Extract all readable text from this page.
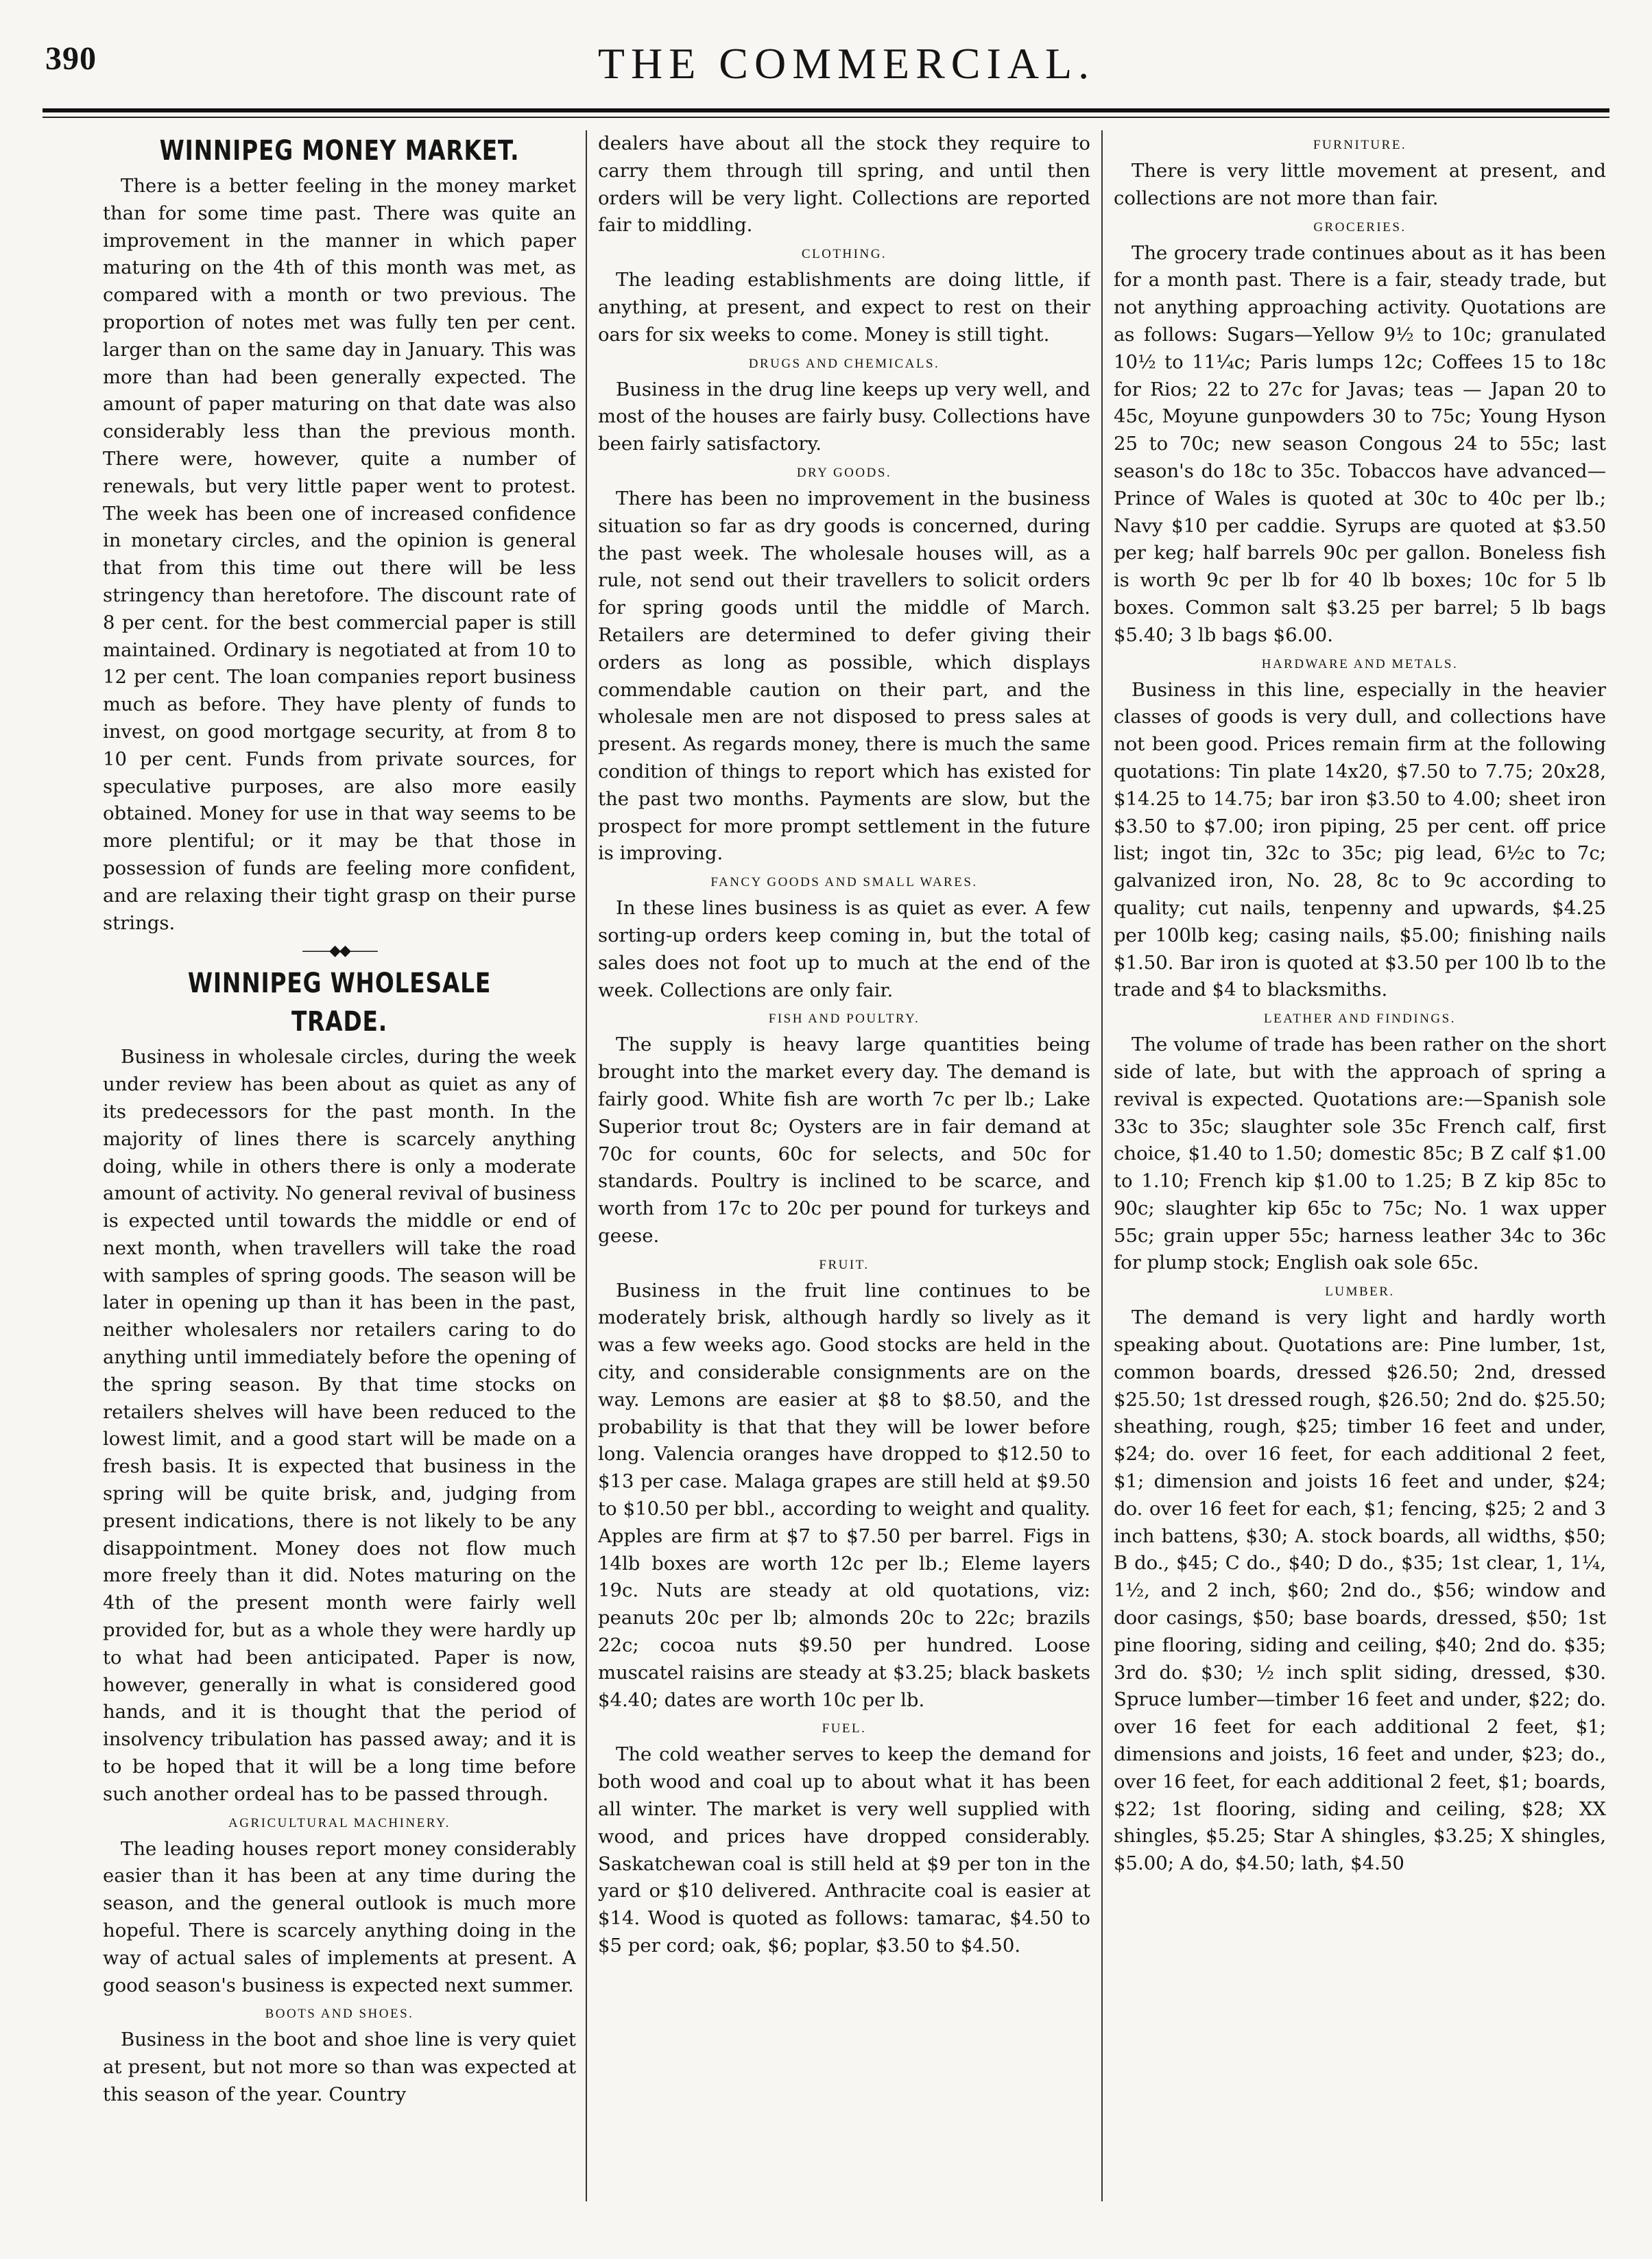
390	THE COMMERCIAL.
WINNIPEG MONEY MARKET.

There is a better feeling in the money market than for some time past. There was quite an improvement in the manner in which paper maturing on the 4th of this month was met, as compared with a month or two previous. The proportion of notes met was fully ten per cent. larger than on the same day in January. This was more than had been generally expected. The amount of paper maturing on that date was also considerably less than the previous month. There were, however, quite a number of renewals, but very little paper went to protest. The week has been one of increased confidence in monetary circles, and the opinion is general that from this time out there will be less stringency than heretofore. The discount rate of 8 per cent. for the best commercial paper is still maintained. Ordinary is negotiated at from 10 to 12 per cent. The loan companies report business much as before. They have plenty of funds to invest, on good mortgage security, at from 8 to 10 per cent. Funds from private sources, for speculative purposes, are also more easily obtained. Money for use in that way seems to be more plentiful; or it may be that those in possession of funds are feeling more confident, and are relaxing their tight grasp on their purse strings.

——◆◆——
WINNIPEG WHOLESALE TRADE.

Business in wholesale circles, during the week under review has been about as quiet as any of its predecessors for the past month. In the majority of lines there is scarcely anything doing, while in others there is only a moderate amount of activity. No general revival of business is expected until towards the middle or end of next month, when travellers will take the road with samples of spring goods. The season will be later in opening up than it has been in the past, neither wholesalers nor retailers caring to do anything until immediately before the opening of the spring season. By that time stocks on retailers shelves will have been reduced to the lowest limit, and a good start will be made on a fresh basis. It is expected that business in the spring will be quite brisk, and, judging from present indications, there is not likely to be any disappointment. Money does not flow much more freely than it did. Notes maturing on the 4th of the present month were fairly well provided for, but as a whole they were hardly up to what had been anticipated. Paper is now, however, generally in what is considered good hands, and it is thought that the period of insolvency tribulation has passed away; and it is to be hoped that it will be a long time before such another ordeal has to be passed through.

AGRICULTURAL MACHINERY.

The leading houses report money considerably easier than it has been at any time during the season, and the general outlook is much more hopeful. There is scarcely anything doing in the way of actual sales of implements at present. A good season's business is expected next summer.

BOOTS AND SHOES.

Business in the boot and shoe line is very quiet at present, but not more so than was expected at this season of the year. Country

dealers have about all the stock they require to carry them through till spring, and until then orders will be very light. Collections are reported fair to middling.

CLOTHING.

The leading establishments are doing little, if anything, at present, and expect to rest on their oars for six weeks to come. Money is still tight.

DRUGS AND CHEMICALS.

Business in the drug line keeps up very well, and most of the houses are fairly busy. Collections have been fairly satisfactory.

DRY GOODS.

There has been no improvement in the business situation so far as dry goods is concerned, during the past week. The wholesale houses will, as a rule, not send out their travellers to solicit orders for spring goods until the middle of March. Retailers are determined to defer giving their orders as long as possible, which displays commendable caution on their part, and the wholesale men are not disposed to press sales at present. As regards money, there is much the same condition of things to report which has existed for the past two months. Payments are slow, but the prospect for more prompt settlement in the future is improving.

FANCY GOODS AND SMALL WARES.

In these lines business is as quiet as ever. A few sorting-up orders keep coming in, but the total of sales does not foot up to much at the end of the week. Collections are only fair.

FISH AND POULTRY.

The supply is heavy large quantities being brought into the market every day. The demand is fairly good. White fish are worth 7c per lb.; Lake Superior trout 8c; Oysters are in fair demand at 70c for counts, 60c for selects, and 50c for standards. Poultry is inclined to be scarce, and worth from 17c to 20c per pound for turkeys and geese.

FRUIT.

Business in the fruit line continues to be moderately brisk, although hardly so lively as it was a few weeks ago. Good stocks are held in the city, and considerable consignments are on the way. Lemons are easier at $8 to $8.50, and the probability is that that they will be lower before long. Valencia oranges have dropped to $12.50 to $13 per case. Malaga grapes are still held at $9.50 to $10.50 per bbl., according to weight and quality. Apples are firm at $7 to $7.50 per barrel. Figs in 14lb boxes are worth 12c per lb.; Eleme layers 19c. Nuts are steady at old quotations, viz: peanuts 20c per lb; almonds 20c to 22c; brazils 22c; cocoa nuts $9.50 per hundred. Loose muscatel raisins are steady at $3.25; black baskets $4.40; dates are worth 10c per lb.

FUEL.

The cold weather serves to keep the demand for both wood and coal up to about what it has been all winter. The market is very well supplied with wood, and prices have dropped considerably. Saskatchewan coal is still held at $9 per ton in the yard or $10 delivered. Anthracite coal is easier at $14. Wood is quoted as follows: tamarac, $4.50 to $5 per cord; oak, $6; poplar, $3.50 to $4.50.

FURNITURE.

There is very little movement at present, and collections are not more than fair.

GROCERIES.

The grocery trade continues about as it has been for a month past. There is a fair, steady trade, but not anything approaching activity. Quotations are as follows: Sugars—Yellow 9½ to 10c; granulated 10½ to 11¼c; Paris lumps 12c; Coffees 15 to 18c for Rios; 22 to 27c for Javas; teas — Japan 20 to 45c, Moyune gunpowders 30 to 75c; Young Hyson 25 to 70c; new season Congous 24 to 55c; last season's do 18c to 35c. Tobaccos have advanced—Prince of Wales is quoted at 30c to 40c per lb.; Navy $10 per caddie. Syrups are quoted at $3.50 per keg; half barrels 90c per gallon. Boneless fish is worth 9c per lb for 40 lb boxes; 10c for 5 lb boxes. Common salt $3.25 per barrel; 5 lb bags $5.40; 3 lb bags $6.00.

HARDWARE AND METALS.

Business in this line, especially in the heavier classes of goods is very dull, and collections have not been good. Prices remain firm at the following quotations: Tin plate 14x20, $7.50 to 7.75; 20x28, $14.25 to 14.75; bar iron $3.50 to 4.00; sheet iron $3.50 to $7.00; iron piping, 25 per cent. off price list; ingot tin, 32c to 35c; pig lead, 6½c to 7c; galvanized iron, No. 28, 8c to 9c according to quality; cut nails, tenpenny and upwards, $4.25 per 100lb keg; casing nails, $5.00; finishing nails $1.50. Bar iron is quoted at $3.50 per 100 lb to the trade and $4 to blacksmiths.

LEATHER AND FINDINGS.

The volume of trade has been rather on the short side of late, but with the approach of spring a revival is expected. Quotations are:—Spanish sole 33c to 35c; slaughter sole 35c French calf, first choice, $1.40 to 1.50; domestic 85c; B Z calf $1.00 to 1.10; French kip $1.00 to 1.25; B Z kip 85c to 90c; slaughter kip 65c to 75c; No. 1 wax upper 55c; grain upper 55c; harness leather 34c to 36c for plump stock; English oak sole 65c.

LUMBER.

The demand is very light and hardly worth speaking about. Quotations are: Pine lumber, 1st, common boards, dressed $26.50; 2nd, dressed $25.50; 1st dressed rough, $26.50; 2nd do. $25.50; sheathing, rough, $25; timber 16 feet and under, $24; do. over 16 feet, for each additional 2 feet, $1; dimension and joists 16 feet and under, $24; do. over 16 feet for each, $1; fencing, $25; 2 and 3 inch battens, $30; A. stock boards, all widths, $50; B do., $45; C do., $40; D do., $35; 1st clear, 1, 1¼, 1½, and 2 inch, $60; 2nd do., $56; window and door casings, $50; base boards, dressed, $50; 1st pine flooring, siding and ceiling, $40; 2nd do. $35; 3rd do. $30; ½ inch split siding, dressed, $30. Spruce lumber—timber 16 feet and under, $22; do. over 16 feet for each additional 2 feet, $1; dimensions and joists, 16 feet and under, $23; do., over 16 feet, for each additional 2 feet, $1; boards, $22; 1st flooring, siding and ceiling, $28; XX shingles, $5.25; Star A shingles, $3.25; X shingles, $5.00; A do, $4.50; lath, $4.50
